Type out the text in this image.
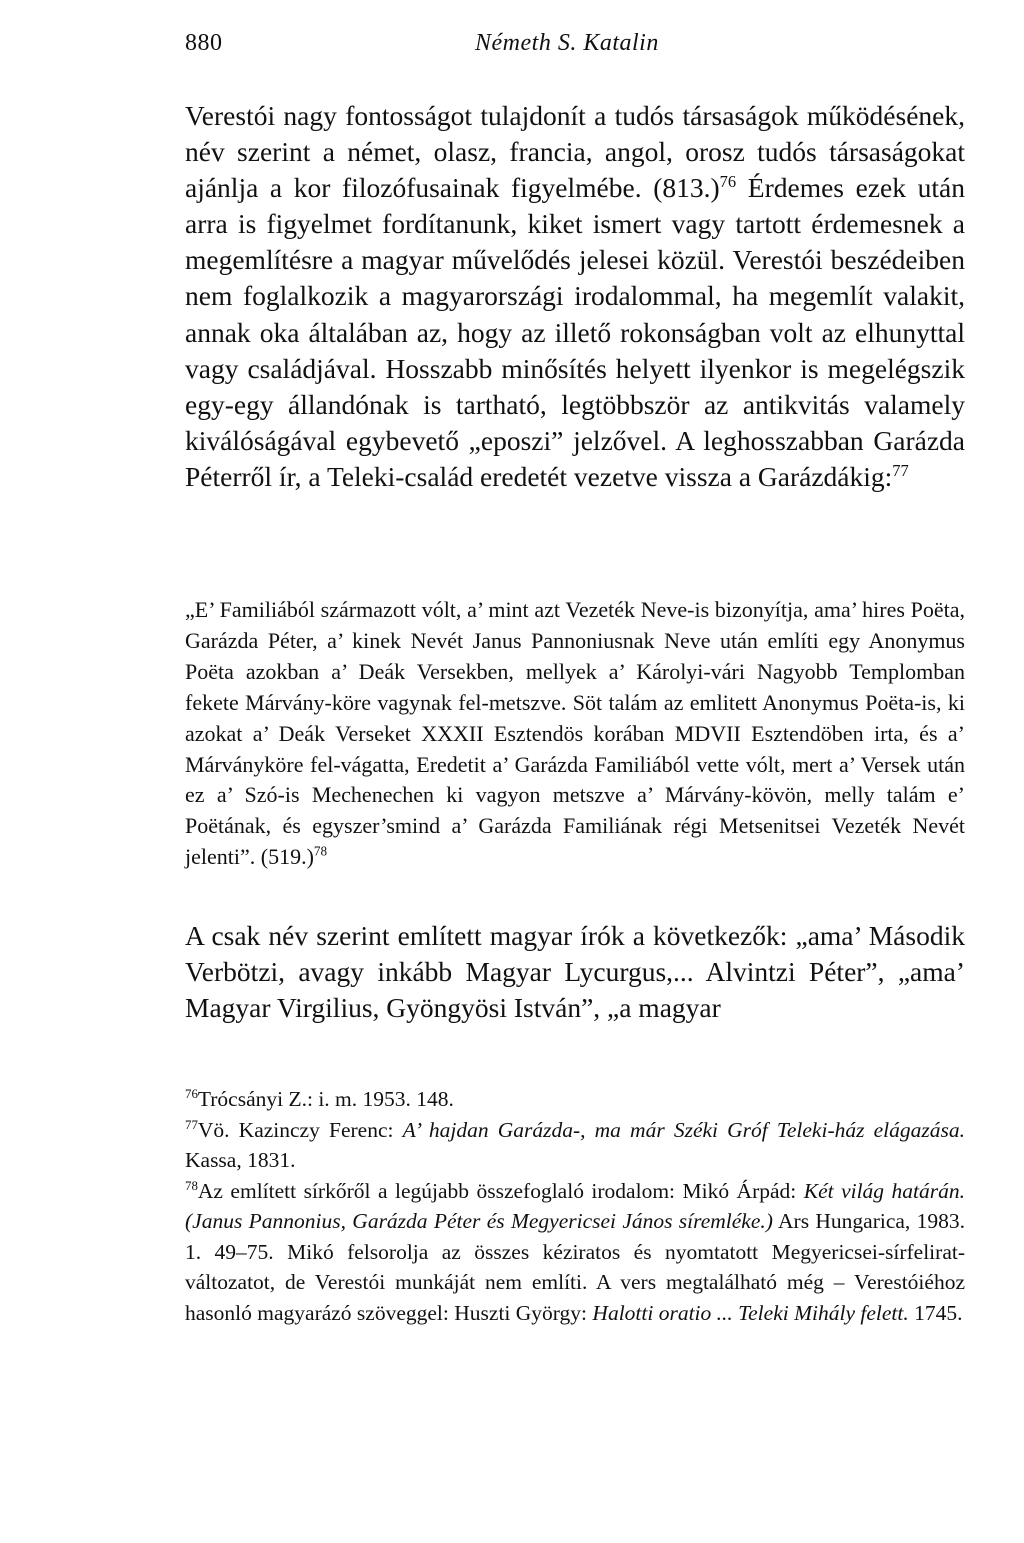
880	Németh S. Katalin

Verestói nagy fontosságot tulajdonít a tudós társaságok működésének, név szerint a német, olasz, francia, angol, orosz tudós társaságokat ajánlja a kor filozófusainak figyelmébe. $(813.)^{76}$ Érdemes ezek után arra is figyelmet fordítanunk, kiket ismert vagy tartott érdemesnek a megemlítésre a magyar művelődés jelesei közül. Verestói beszédeiben nem foglalkozik a magyarországi irodalommal, ha megemlít valakit, annak oka általában az, hogy az illető rokonságban volt az elhunyttal vagy családjával. Hosszabb minősítés helyett ilyenkor is megelégszik egy-egy állandónak is tartható, legtöbbször az antikvitás valamely kiválóságával egybevető „eposzi” jelzővel. A leghosszabban Garázda Péterről ír, a Teleki-család eredetét vezetve vissza a Garázdákig:$^{77}$

„E’ Familiából származott vólt, a’ mint azt Vezeték Neve-is bizonyítja, ama’ hires Poëta, Garázda Péter, a’ kinek Nevét Janus Pannoniusnak Neve után említi egy Anonymus Poëta azokban a’ Deák Versekben, mellyek a’ Károlyi-vári Nagyobb Templomban fekete Márvány-köre vagynak fel-metszve. Söt talám az emlitett Anonymus Poëta-is, ki azokat a’ Deák Verseket XXXII Esztendös korában MDVII Esztendöben irta, és a’ Márványköre fel-vágatta, Eredetit a’ Garázda Familiából vette vólt, mert a’ Versek után ez a’ Szó-is Mechenechen ki vagyon metszve a’ Márvány-kövön, melly talám e’ Poëtának, és egyszer’smind a’ Garázda Familiának régi Metsenitsei Vezeték Nevét jelenti”. $(519.)^{78}$

A csak név szerint említett magyar írók a következők: „ama’ Második Verbötzi, avagy inkább Magyar Lycurgus,... Alvintzi Péter”, „ama’ Magyar Virgilius, Gyöngyösi István”, „a magyar

$^{76}$Trócsányi Z.: i. m. 1953. 148.

$^{77}$Vö. Kazinczy Ferenc: A’ hajdan Garázda-, ma már Széki Gróf Teleki-ház elágazása. Kassa, 1831.

$^{78}$Az említett sírkőről a legújabb összefoglaló irodalom: Mikó Árpád: Két világ határán. (Janus Pannonius, Garázda Péter és Megyericsei János síremléke.) Ars Hungarica, 1983. 1. 49–75. Mikó felsorolja az összes kéziratos és nyomtatott Megyericsei-sírfelirat-változatot, de Verestói munkáját nem említi. A vers megtalálható még – Verestóiéhoz hasonló magyarázó szöveggel: Huszti György: Halotti oratio ... Teleki Mihály felett. 1745.
